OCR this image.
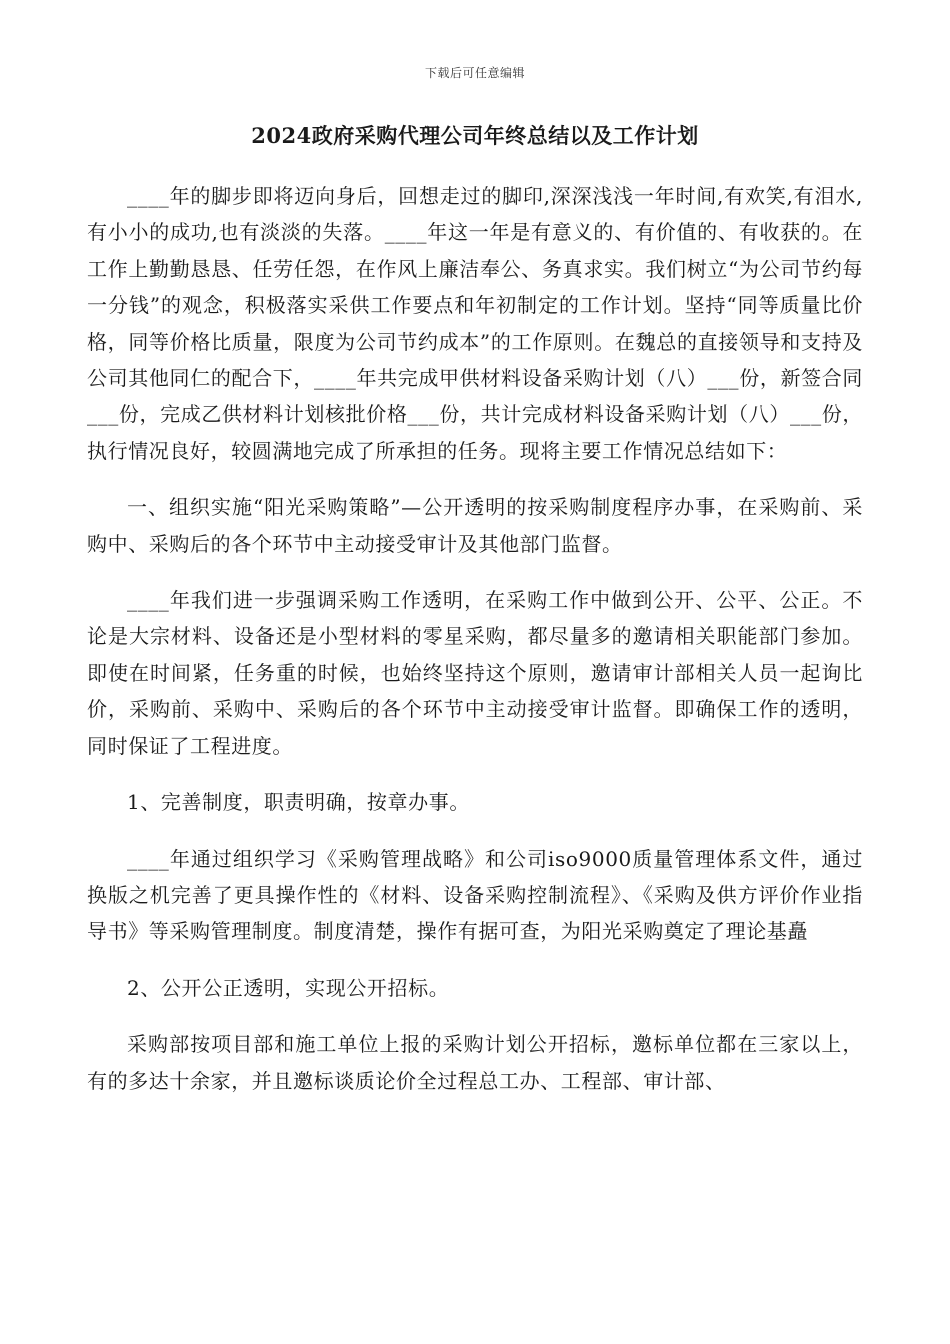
下载后可任意编辑
2024政府采购代理公司年终总结以及工作计划

____年的脚步即将迈向身后，回想走过的脚印,深深浅浅一年时间,有欢笑,有泪水,有小小的成功,也有淡淡的失落。____年这一年是有意义的、有价值的、有收获的。在工作上勤勤恳恳、任劳任怨，在作风上廉洁奉公、务真求实。我们树立“为公司节约每一分钱”的观念，积极落实采供工作要点和年初制定的工作计划。坚持“同等质量比价格，同等价格比质量，限度为公司节约成本”的工作原则。在魏总的直接领导和支持及公司其他同仁的配合下，____年共完成甲供材料设备采购计划（八）___份，新签合同___份，完成乙供材料计划核批价格___份，共计完成材料设备采购计划（八）___份，执行情况良好，较圆满地完成了所承担的任务。现将主要工作情况总结如下：

一、组织实施“阳光采购策略”—公开透明的按采购制度程序办事，在采购前、采购中、采购后的各个环节中主动接受审计及其他部门监督。

____年我们进一步强调采购工作透明，在采购工作中做到公开、公平、公正。不论是大宗材料、设备还是小型材料的零星采购，都尽量多的邀请相关职能部门参加。即使在时间紧，任务重的时候，也始终坚持这个原则，邀请审计部相关人员一起询比价，采购前、采购中、采购后的各个环节中主动接受审计监督。即确保工作的透明，同时保证了工程进度。

1、完善制度，职责明确，按章办事。

____年通过组织学习《采购管理战略》和公司iso9000质量管理体系文件，通过换版之机完善了更具操作性的《材料、设备采购控制流程》、《采购及供方评价作业指导书》等采购管理制度。制度清楚，操作有据可查，为阳光采购奠定了理论基矗

2、公开公正透明，实现公开招标。

采购部按项目部和施工单位上报的采购计划公开招标，邀标单位都在三家以上，有的多达十余家，并且邀标谈质论价全过程总工办、工程部、审计部、
